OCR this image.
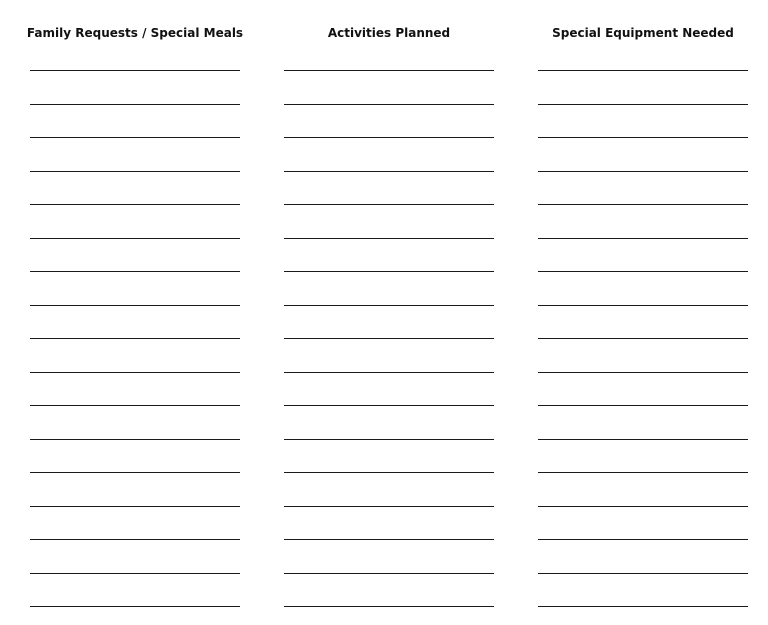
Family Requests / Special Meals	Activities Planned	Special Equipment Needed
